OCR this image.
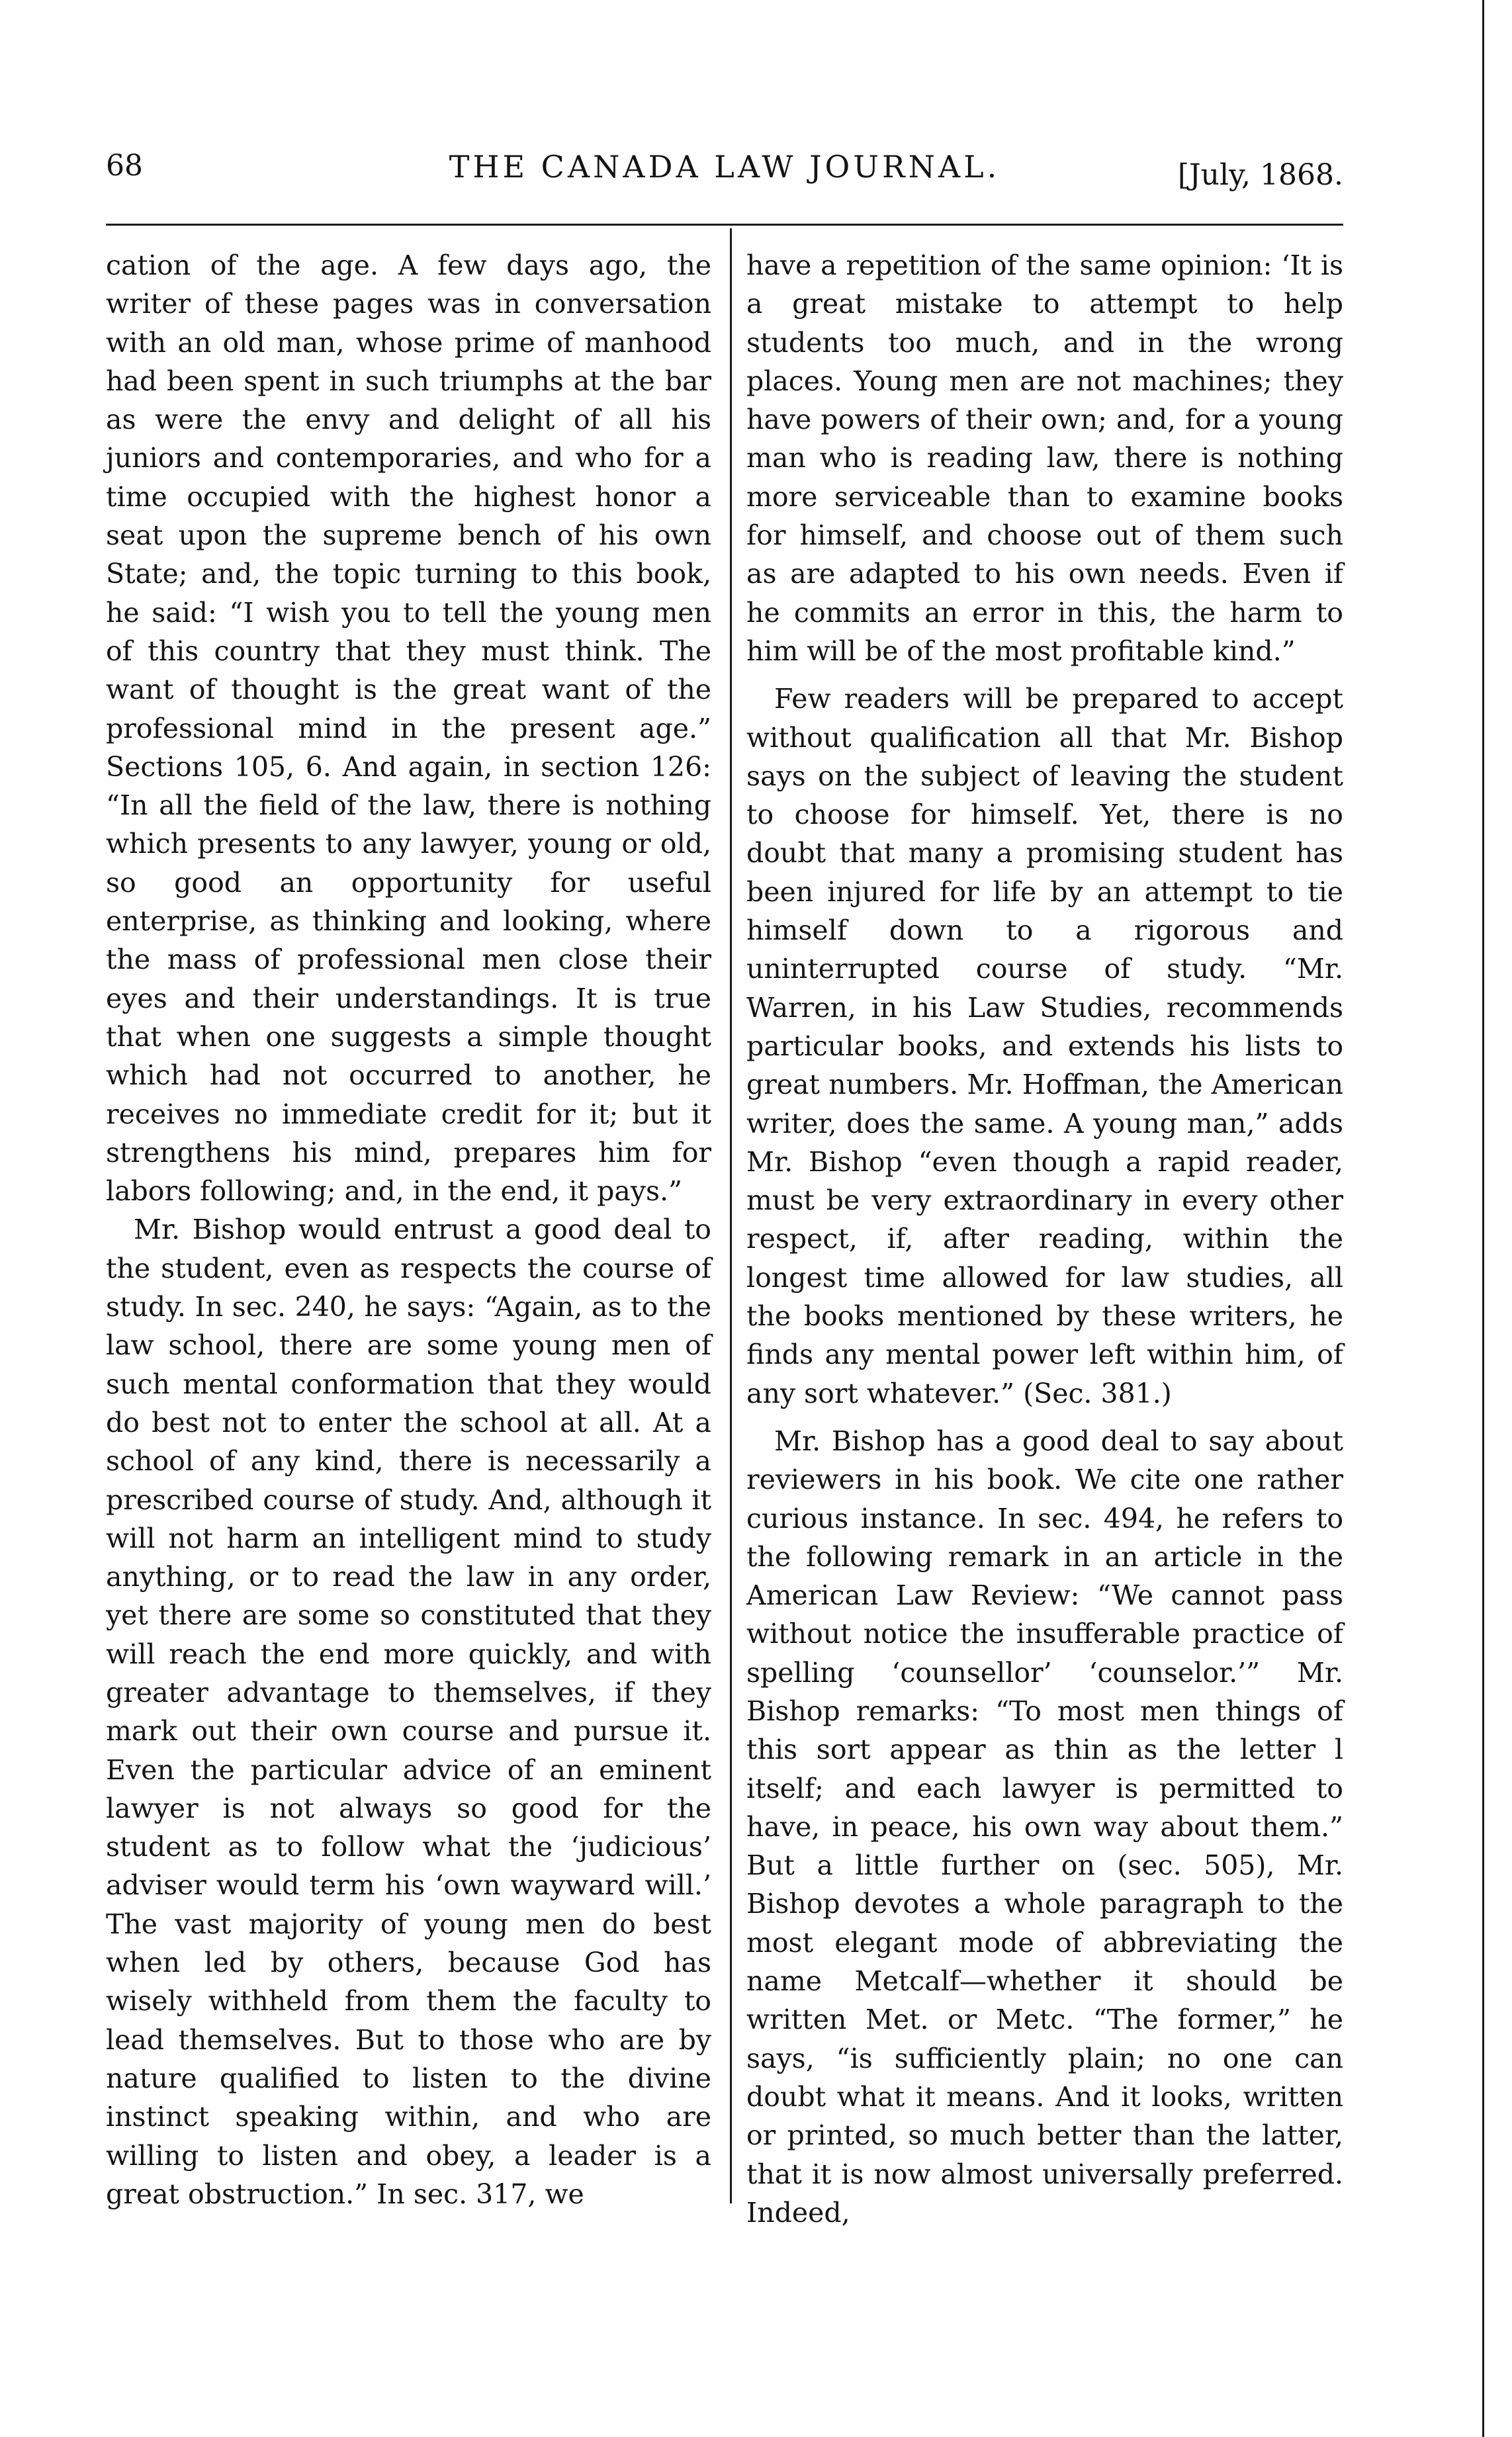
68	THE CANADA LAW JOURNAL.	[July, 1868.

cation of the age. A few days ago, the writer of these pages was in conversation with an old man, whose prime of manhood had been spent in such triumphs at the bar as were the envy and delight of all his juniors and contemporaries, and who for a time occupied with the highest honor a seat upon the supreme bench of his own State; and, the topic turning to this book, he said: “I wish you to tell the young men of this country that they must think. The want of thought is the great want of the professional mind in the present age.” Sections 105, 6. And again, in section 126: “In all the field of the law, there is nothing which presents to any lawyer, young or old, so good an opportunity for useful enterprise, as thinking and looking, where the mass of professional men close their eyes and their understandings. It is true that when one suggests a simple thought which had not occurred to another, he receives no immediate credit for it; but it strengthens his mind, prepares him for labors following; and, in the end, it pays.”

Mr. Bishop would entrust a good deal to the student, even as respects the course of study. In sec. 240, he says: “Again, as to the law school, there are some young men of such mental conformation that they would do best not to enter the school at all. At a school of any kind, there is necessarily a prescribed course of study. And, although it will not harm an intelligent mind to study anything, or to read the law in any order, yet there are some so constituted that they will reach the end more quickly, and with greater advantage to themselves, if they mark out their own course and pursue it. Even the particular advice of an eminent lawyer is not always so good for the student as to follow what the ‘judicious’ adviser would term his ‘own wayward will.’ The vast majority of young men do best when led by others, because God has wisely withheld from them the faculty to lead themselves. But to those who are by nature qualified to listen to the divine instinct speaking within, and who are willing to listen and obey, a leader is a great obstruction.” In sec. 317, we

have a repetition of the same opinion: ‘It is a great mistake to attempt to help students too much, and in the wrong places. Young men are not machines; they have powers of their own; and, for a young man who is reading law, there is nothing more serviceable than to examine books for himself, and choose out of them such as are adapted to his own needs. Even if he commits an error in this, the harm to him will be of the most profitable kind.”

Few readers will be prepared to accept without qualification all that Mr. Bishop says on the subject of leaving the student to choose for himself. Yet, there is no doubt that many a promising student has been injured for life by an attempt to tie himself down to a rigorous and uninterrupted course of study. “Mr. Warren, in his Law Studies, recommends particular books, and extends his lists to great numbers. Mr. Hoffman, the American writer, does the same. A young man,” adds Mr. Bishop “even though a rapid reader, must be very extraordinary in every other respect, if, after reading, within the longest time allowed for law studies, all the books mentioned by these writers, he finds any mental power left within him, of any sort whatever.” (Sec. 381.)

Mr. Bishop has a good deal to say about reviewers in his book. We cite one rather curious instance. In sec. 494, he refers to the following remark in an article in the American Law Review: “We cannot pass without notice the insufferable practice of spelling ‘counsellor’ ‘counselor.’” Mr. Bishop remarks: “To most men things of this sort appear as thin as the letter l itself; and each lawyer is permitted to have, in peace, his own way about them.” But a little further on (sec. 505), Mr. Bishop devotes a whole paragraph to the most elegant mode of abbreviating the name Metcalf—whether it should be written Met. or Metc. “The former,” he says, “is sufficiently plain; no one can doubt what it means. And it looks, written or printed, so much better than the latter, that it is now almost universally preferred. Indeed,
